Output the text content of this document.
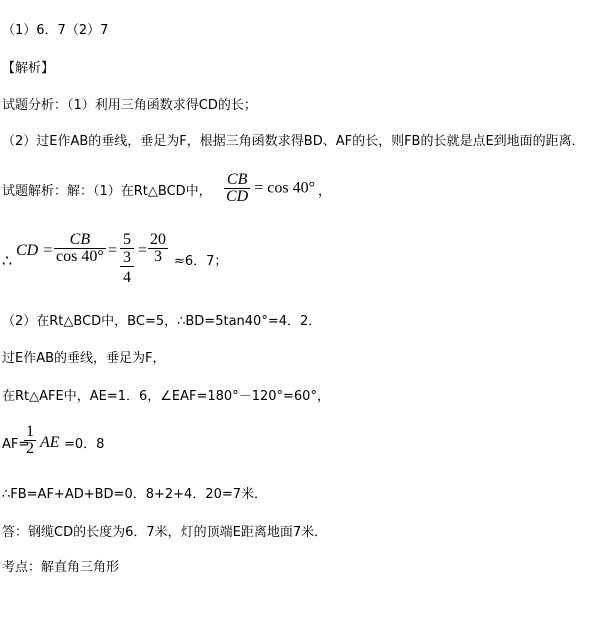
（1）6．7（2）7
【解析】
试题分析：（1）利用三角函数求得CD的长；
（2）过E作AB的垂线，垂足为F，根据三角函数求得BD、AF的长，则FB的长就是点E到地面的距离．
试题解析：解：（1）在Rt△BCD中， $\frac{CB}{CD} = \cos 40^\circ$ ，
∴
CD = $\frac{CB}{\cos 40^\circ}$ =
5
3
4
= $\frac{20}{3} \approx 6$．7；
（2）在Rt△BCD中，BC=5，∴BD=5tan40°=4．2．
过E作AB的垂线，垂足为F，
在Rt△AFE中，AE=1．6，∠EAF=180°－120°=60°，
AF=
$\frac{1}{2}$ AE =0．8
∴FB=AF+AD+BD=0．8+2+4．20=7米．
答：钢缆CD的长度为6．7米，灯的顶端E距离地面7米．
考点：解直角三角形
